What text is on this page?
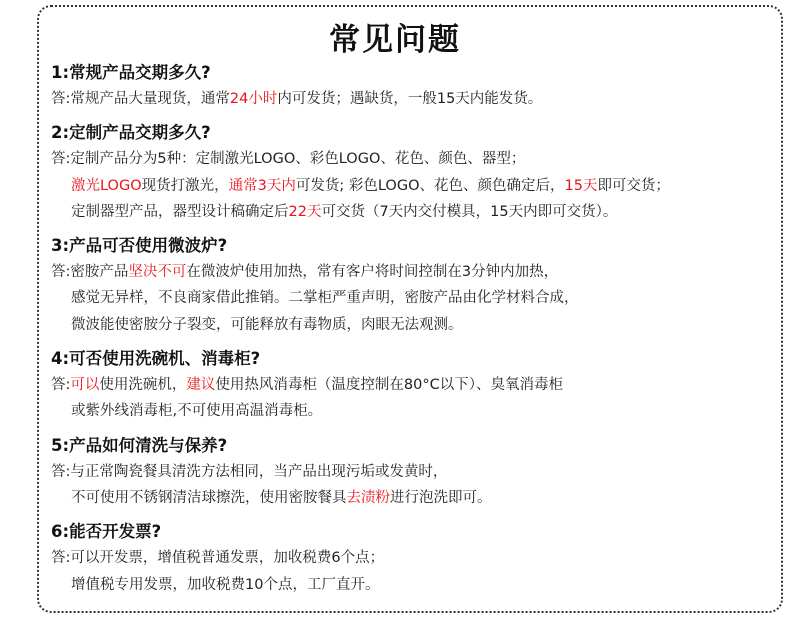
常见问题
1:常规产品交期多久?
答:常规产品大量现货，通常24小时内可发货；遇缺货，一般15天内能发货。
2:定制产品交期多久?
答:定制产品分为5种：定制激光LOGO、彩色LOGO、花色、颜色、器型；
激光LOGO现货打激光，通常3天内可发货; 彩色LOGO、花色、颜色确定后，15天即可交货；
定制器型产品，器型设计稿确定后22天可交货（7天内交付模具，15天内即可交货）。
3:产品可否使用微波炉?
答:密胺产品坚决不可在微波炉使用加热，常有客户将时间控制在3分钟内加热，
感觉无异样，不良商家借此推销。二掌柜严重声明，密胺产品由化学材料合成，
微波能使密胺分子裂变，可能释放有毒物质，肉眼无法观测。
4:可否使用洗碗机、消毒柜?
答:可以使用洗碗机，建议使用热风消毒柜（温度控制在80°C以下）、臭氧消毒柜
或紫外线消毒柜,不可使用高温消毒柜。
5:产品如何清洗与保养?
答:与正常陶瓷餐具清洗方法相同，当产品出现污垢或发黄时，
不可使用不锈钢清洁球擦洗，使用密胺餐具去渍粉进行泡洗即可。
6:能否开发票?
答:可以开发票，增值税普通发票，加收税费6个点；
增值税专用发票，加收税费10个点，工厂直开。
